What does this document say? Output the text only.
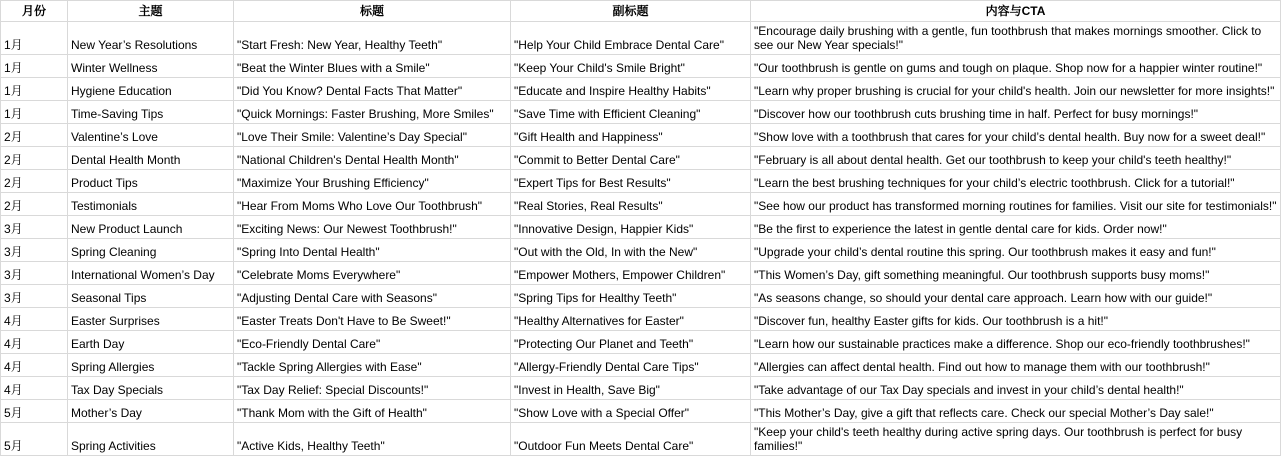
月份	主题	标题	副标题	内容与CTA
1月	New Year’s Resolutions	"Start Fresh: New Year, Healthy Teeth"	"Help Your Child Embrace Dental Care"	"Encourage daily brushing with a gentle, fun toothbrush that makes mornings smoother. Click to see our New Year specials!"
1月	Winter Wellness	"Beat the Winter Blues with a Smile"	"Keep Your Child's Smile Bright"	"Our toothbrush is gentle on gums and tough on plaque. Shop now for a happier winter routine!"
1月	Hygiene Education	"Did You Know? Dental Facts That Matter"	"Educate and Inspire Healthy Habits"	"Learn why proper brushing is crucial for your child's health. Join our newsletter for more insights!"
1月	Time-Saving Tips	"Quick Mornings: Faster Brushing, More Smiles"	"Save Time with Efficient Cleaning"	"Discover how our toothbrush cuts brushing time in half. Perfect for busy mornings!"
2月	Valentine’s Love	"Love Their Smile: Valentine’s Day Special"	"Gift Health and Happiness"	"Show love with a toothbrush that cares for your child’s dental health. Buy now for a sweet deal!"
2月	Dental Health Month	"National Children's Dental Health Month"	"Commit to Better Dental Care"	"February is all about dental health. Get our toothbrush to keep your child's teeth healthy!"
2月	Product Tips	"Maximize Your Brushing Efficiency"	"Expert Tips for Best Results"	"Learn the best brushing techniques for your child’s electric toothbrush. Click for a tutorial!"
2月	Testimonials	"Hear From Moms Who Love Our Toothbrush"	"Real Stories, Real Results"	"See how our product has transformed morning routines for families. Visit our site for testimonials!"
3月	New Product Launch	"Exciting News: Our Newest Toothbrush!"	"Innovative Design, Happier Kids"	"Be the first to experience the latest in gentle dental care for kids. Order now!"
3月	Spring Cleaning	"Spring Into Dental Health"	"Out with the Old, In with the New"	"Upgrade your child’s dental routine this spring. Our toothbrush makes it easy and fun!"
3月	International Women’s Day	"Celebrate Moms Everywhere"	"Empower Mothers, Empower Children"	"This Women’s Day, gift something meaningful. Our toothbrush supports busy moms!"
3月	Seasonal Tips	"Adjusting Dental Care with Seasons"	"Spring Tips for Healthy Teeth"	"As seasons change, so should your dental care approach. Learn how with our guide!"
4月	Easter Surprises	"Easter Treats Don't Have to Be Sweet!"	"Healthy Alternatives for Easter"	"Discover fun, healthy Easter gifts for kids. Our toothbrush is a hit!"
4月	Earth Day	"Eco-Friendly Dental Care"	"Protecting Our Planet and Teeth"	"Learn how our sustainable practices make a difference. Shop our eco-friendly toothbrushes!"
4月	Spring Allergies	"Tackle Spring Allergies with Ease"	"Allergy-Friendly Dental Care Tips"	"Allergies can affect dental health. Find out how to manage them with our toothbrush!"
4月	Tax Day Specials	"Tax Day Relief: Special Discounts!"	"Invest in Health, Save Big"	"Take advantage of our Tax Day specials and invest in your child’s dental health!"
5月	Mother’s Day	"Thank Mom with the Gift of Health"	"Show Love with a Special Offer"	"This Mother’s Day, give a gift that reflects care. Check our special Mother’s Day sale!"
5月	Spring Activities	"Active Kids, Healthy Teeth"	"Outdoor Fun Meets Dental Care"	"Keep your child's teeth healthy during active spring days. Our toothbrush is perfect for busy families!"
